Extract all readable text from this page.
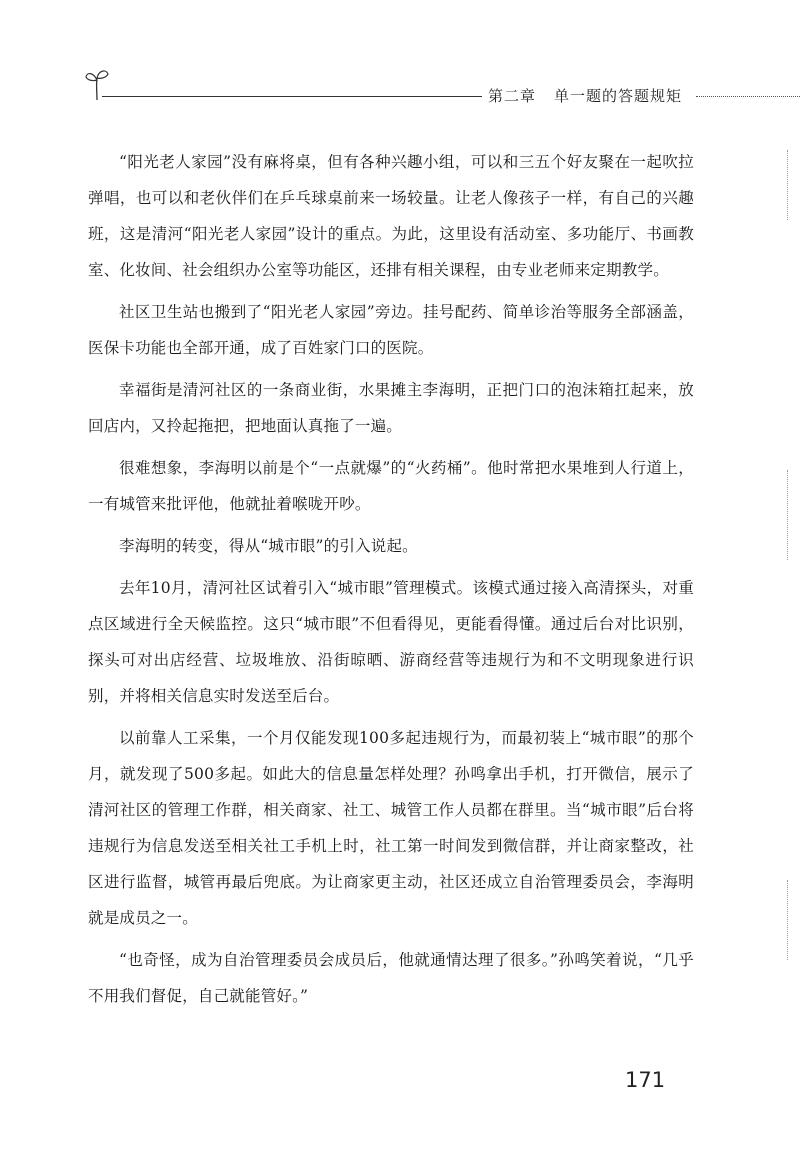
第二章 单一题的答题规矩

“阳光老人家园”没有麻将桌，但有各种兴趣小组，可以和三五个好友聚在一起吹拉弹唱，也可以和老伙伴们在乒乓球桌前来一场较量。让老人像孩子一样，有自己的兴趣班，这是清河“阳光老人家园”设计的重点。为此，这里设有活动室、多功能厅、书画教室、化妆间、社会组织办公室等功能区，还排有相关课程，由专业老师来定期教学。

社区卫生站也搬到了“阳光老人家园”旁边。挂号配药、简单诊治等服务全部涵盖，医保卡功能也全部开通，成了百姓家门口的医院。

幸福街是清河社区的一条商业街，水果摊主李海明，正把门口的泡沫箱扛起来，放回店内，又拎起拖把，把地面认真拖了一遍。

很难想象，李海明以前是个“一点就爆”的“火药桶”。他时常把水果堆到人行道上，一有城管来批评他，他就扯着喉咙开吵。

李海明的转变，得从“城市眼”的引入说起。

去年10月，清河社区试着引入“城市眼”管理模式。该模式通过接入高清探头，对重点区域进行全天候监控。这只“城市眼”不但看得见，更能看得懂。通过后台对比识别，探头可对出店经营、垃圾堆放、沿街晾晒、游商经营等违规行为和不文明现象进行识别，并将相关信息实时发送至后台。

以前靠人工采集，一个月仅能发现100多起违规行为，而最初装上“城市眼”的那个月，就发现了500多起。如此大的信息量怎样处理？孙鸣拿出手机，打开微信，展示了清河社区的管理工作群，相关商家、社工、城管工作人员都在群里。当“城市眼”后台将违规行为信息发送至相关社工手机上时，社工第一时间发到微信群，并让商家整改，社区进行监督，城管再最后兜底。为让商家更主动，社区还成立自治管理委员会，李海明就是成员之一。

“也奇怪，成为自治管理委员会成员后，他就通情达理了很多。”孙鸣笑着说，“几乎不用我们督促，自己就能管好。”

171
